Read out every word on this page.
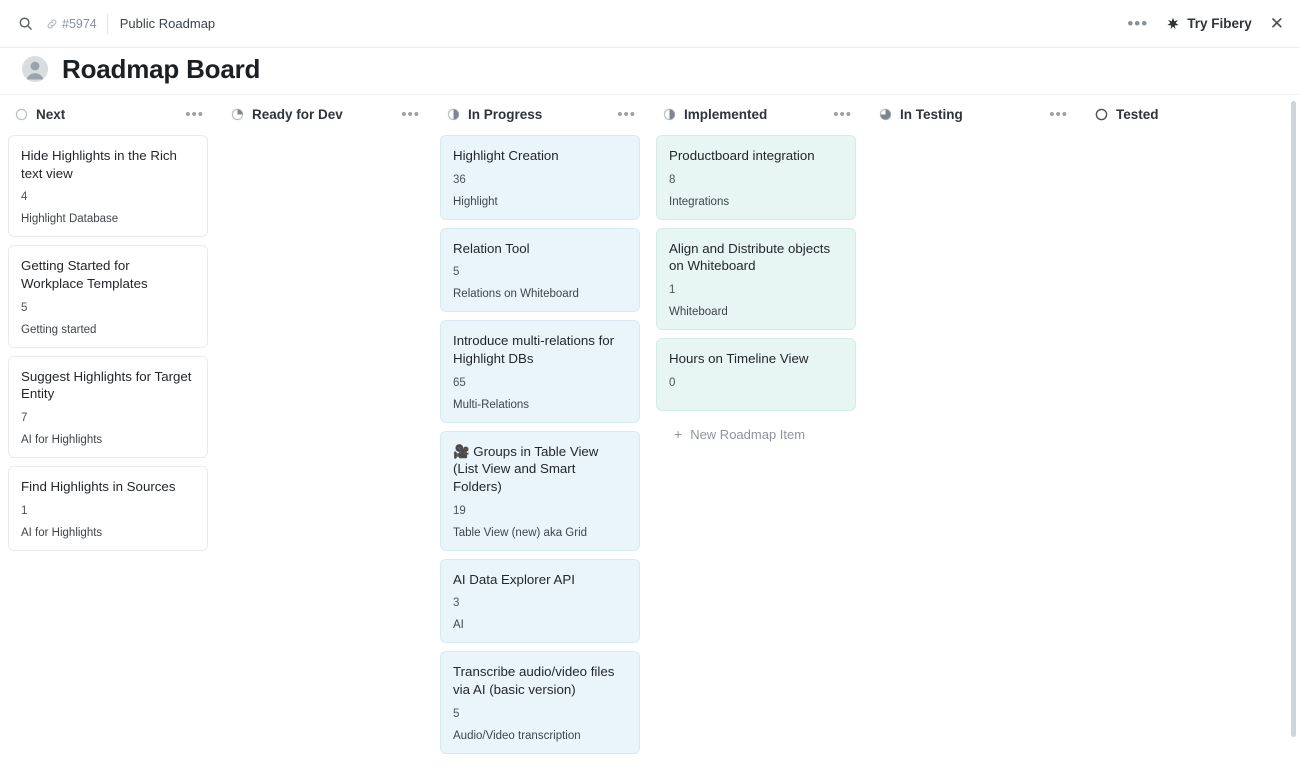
#5974 Public Roadmap	•••	Try Fibery ✕
Roadmap Board
Next	•••
Hide Highlights in the Rich text view
4
Highlight Database
Getting Started for Workplace Templates
5
Getting started
Suggest Highlights for Target Entity
7
AI for Highlights
Find Highlights in Sources
1
AI for Highlights
Ready for Dev	•••	In Progress	•••
Highlight Creation
36
Highlight
Relation Tool
5
Relations on Whiteboard
Introduce multi-relations for Highlight DBs
65
Multi-Relations
🎥 Groups in Table View (List View and Smart Folders)
19
Table View (new) aka Grid
AI Data Explorer API
3
AI
Transcribe audio/video files via AI (basic version)
5
Audio/Video transcription
Implemented	•••
Productboard integration
8
Integrations
Align and Distribute objects on Whiteboard
1
Whiteboard
Hours on Timeline View
0
+ New Roadmap Item
In Testing	•••	Tested
